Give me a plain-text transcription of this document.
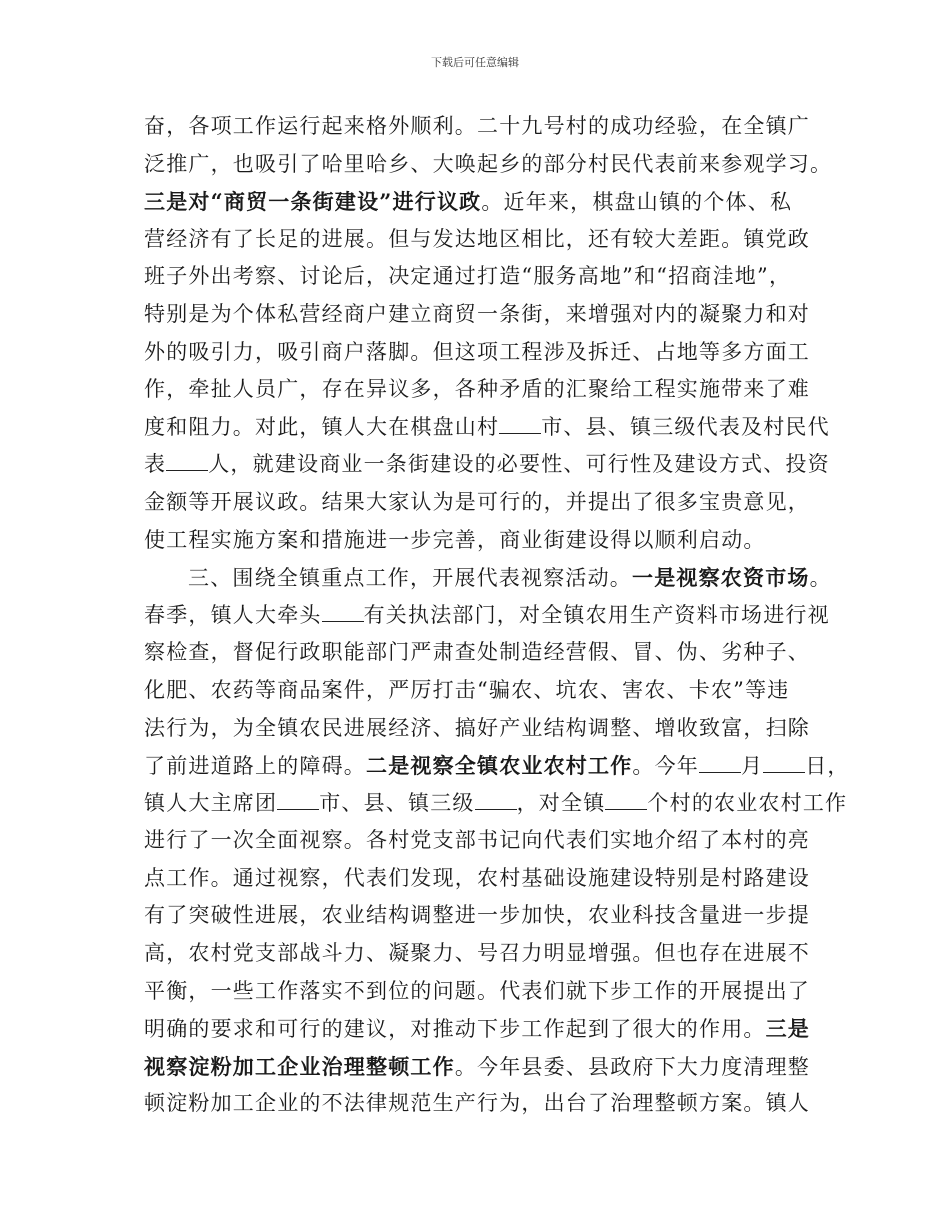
下载后可任意编辑
奋，各项工作运行起来格外顺利。二十九号村的成功经验，在全镇广
泛推广，也吸引了哈里哈乡、大唤起乡的部分村民代表前来参观学习。
三是对“商贸一条街建设”进行议政。近年来，棋盘山镇的个体、私
营经济有了长足的进展。但与发达地区相比，还有较大差距。镇党政
班子外出考察、讨论后，决定通过打造“服务高地”和“招商洼地”，
特别是为个体私营经商户建立商贸一条街，来增强对内的凝聚力和对
外的吸引力，吸引商户落脚。但这项工程涉及拆迁、占地等多方面工
作，牵扯人员广，存在异议多，各种矛盾的汇聚给工程实施带来了难
度和阻力。对此，镇人大在棋盘山村 市、县、镇三级代表及村民代
表 人，就建设商业一条街建设的必要性、可行性及建设方式、投资
金额等开展议政。结果大家认为是可行的，并提出了很多宝贵意见，
使工程实施方案和措施进一步完善，商业街建设得以顺利启动。
三、围绕全镇重点工作，开展代表视察活动。一是视察农资市场。
春季，镇人大牵头 有关执法部门，对全镇农用生产资料市场进行视
察检查，督促行政职能部门严肃查处制造经营假、冒、伪、劣种子、
化肥、农药等商品案件，严厉打击“骗农、坑农、害农、卡农”等违
法行为，为全镇农民进展经济、搞好产业结构调整、增收致富，扫除
了前进道路上的障碍。二是视察全镇农业农村工作。今年 月 日，
镇人大主席团 市、县、镇三级 ，对全镇 个村的农业农村工作
进行了一次全面视察。各村党支部书记向代表们实地介绍了本村的亮
点工作。通过视察，代表们发现，农村基础设施建设特别是村路建设
有了突破性进展，农业结构调整进一步加快，农业科技含量进一步提
高，农村党支部战斗力、凝聚力、号召力明显增强。但也存在进展不
平衡，一些工作落实不到位的问题。代表们就下步工作的开展提出了
明确的要求和可行的建议，对推动下步工作起到了很大的作用。三是
视察淀粉加工企业治理整顿工作。今年县委、县政府下大力度清理整
顿淀粉加工企业的不法律规范生产行为，出台了治理整顿方案。镇人
